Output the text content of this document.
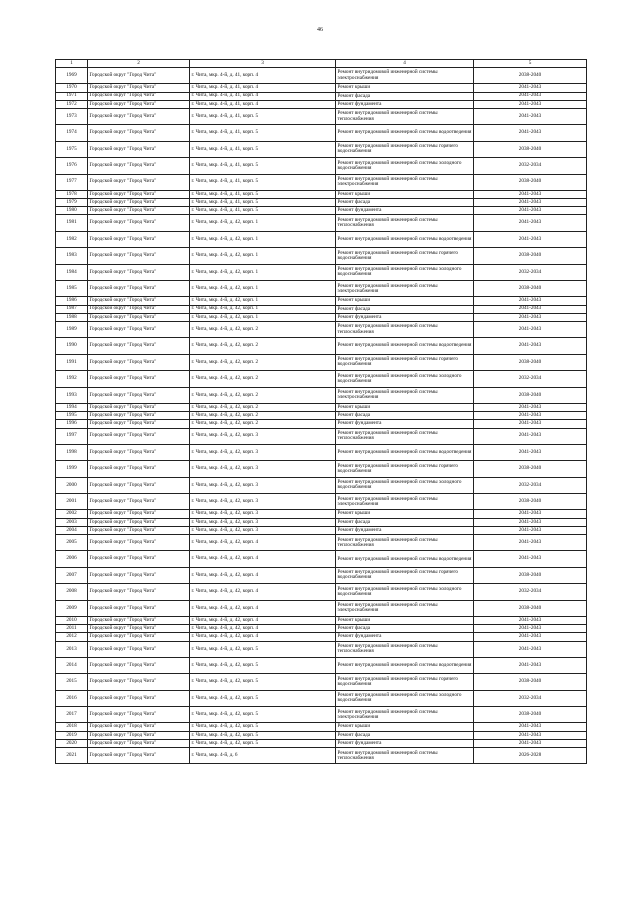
46
1	2	3	4	5
1969	Городской округ "Город Чита"	г. Чита, мкр. 4-й, д. 41, корп. 4	Ремонт внутридомовой инженерной системы электроснабжения	2038-2040
1970	Городской округ "Город Чита"	г. Чита, мкр. 4-й, д. 41, корп. 4	Ремонт крыши	2041-2043
1971	Городской округ "Город Чита"	г. Чита, мкр. 4-й, д. 41, корп. 4	Ремонт фасада	2041-2043
1972	Городской округ "Город Чита"	г. Чита, мкр. 4-й, д. 41, корп. 4	Ремонт фундамента	2041-2043
1973	Городской округ "Город Чита"	г. Чита, мкр. 4-й, д. 41, корп. 5	Ремонт внутридомовой инженерной системы теплоснабжения	2041-2043
1974	Городской округ "Город Чита"	г. Чита, мкр. 4-й, д. 41, корп. 5	Ремонт внутридомовой инженерной системы водоотведения	2041-2043
1975	Городской округ "Город Чита"	г. Чита, мкр. 4-й, д. 41, корп. 5	Ремонт внутридомовой инженерной системы горячего водоснабжения	2038-2040
1976	Городской округ "Город Чита"	г. Чита, мкр. 4-й, д. 41, корп. 5	Ремонт внутридомовой инженерной системы холодного водоснабжения	2032-2034
1977	Городской округ "Город Чита"	г. Чита, мкр. 4-й, д. 41, корп. 5	Ремонт внутридомовой инженерной системы электроснабжения	2038-2040
1978	Городской округ "Город Чита"	г. Чита, мкр. 4-й, д. 41, корп. 5	Ремонт крыши	2041-2043
1979	Городской округ "Город Чита"	г. Чита, мкр. 4-й, д. 41, корп. 5	Ремонт фасада	2041-2043
1980	Городской округ "Город Чита"	г. Чита, мкр. 4-й, д. 41, корп. 5	Ремонт фундамента	2041-2043
1981	Городской округ "Город Чита"	г. Чита, мкр. 4-й, д. 42, корп. 1	Ремонт внутридомовой инженерной системы теплоснабжения	2041-2043
1982	Городской округ "Город Чита"	г. Чита, мкр. 4-й, д. 42, корп. 1	Ремонт внутридомовой инженерной системы водоотведения	2041-2043
1983	Городской округ "Город Чита"	г. Чита, мкр. 4-й, д. 42, корп. 1	Ремонт внутридомовой инженерной системы горячего водоснабжения	2038-2040
1984	Городской округ "Город Чита"	г. Чита, мкр. 4-й, д. 42, корп. 1	Ремонт внутридомовой инженерной системы холодного водоснабжения	2032-2034
1985	Городской округ "Город Чита"	г. Чита, мкр. 4-й, д. 42, корп. 1	Ремонт внутридомовой инженерной системы электроснабжения	2038-2040
1986	Городской округ "Город Чита"	г. Чита, мкр. 4-й, д. 42, корп. 1	Ремонт крыши	2041-2043
1987	Городской округ "Город Чита"	г. Чита, мкр. 4-й, д. 42, корп. 1	Ремонт фасада	2041-2043
1988	Городской округ "Город Чита"	г. Чита, мкр. 4-й, д. 42, корп. 1	Ремонт фундамента	2041-2043
1989	Городской округ "Город Чита"	г. Чита, мкр. 4-й, д. 42, корп. 2	Ремонт внутридомовой инженерной системы теплоснабжения	2041-2043
1990	Городской округ "Город Чита"	г. Чита, мкр. 4-й, д. 42, корп. 2	Ремонт внутридомовой инженерной системы водоотведения	2041-2043
1991	Городской округ "Город Чита"	г. Чита, мкр. 4-й, д. 42, корп. 2	Ремонт внутридомовой инженерной системы горячего водоснабжения	2038-2040
1992	Городской округ "Город Чита"	г. Чита, мкр. 4-й, д. 42, корп. 2	Ремонт внутридомовой инженерной системы холодного водоснабжения	2032-2034
1993	Городской округ "Город Чита"	г. Чита, мкр. 4-й, д. 42, корп. 2	Ремонт внутридомовой инженерной системы электроснабжения	2038-2040
1994	Городской округ "Город Чита"	г. Чита, мкр. 4-й, д. 42, корп. 2	Ремонт крыши	2041-2043
1995	Городской округ "Город Чита"	г. Чита, мкр. 4-й, д. 42, корп. 2	Ремонт фасада	2041-2043
1996	Городской округ "Город Чита"	г. Чита, мкр. 4-й, д. 42, корп. 2	Ремонт фундамента	2041-2043
1997	Городской округ "Город Чита"	г. Чита, мкр. 4-й, д. 42, корп. 3	Ремонт внутридомовой инженерной системы теплоснабжения	2041-2043
1998	Городской округ "Город Чита"	г. Чита, мкр. 4-й, д. 42, корп. 3	Ремонт внутридомовой инженерной системы водоотведения	2041-2043
1999	Городской округ "Город Чита"	г. Чита, мкр. 4-й, д. 42, корп. 3	Ремонт внутридомовой инженерной системы горячего водоснабжения	2038-2040
2000	Городской округ "Город Чита"	г. Чита, мкр. 4-й, д. 42, корп. 3	Ремонт внутридомовой инженерной системы холодного водоснабжения	2032-2034
2001	Городской округ "Город Чита"	г. Чита, мкр. 4-й, д. 42, корп. 3	Ремонт внутридомовой инженерной системы электроснабжения	2038-2040
2002	Городской округ "Город Чита"	г. Чита, мкр. 4-й, д. 42, корп. 3	Ремонт крыши	2041-2043
2003	Городской округ "Город Чита"	г. Чита, мкр. 4-й, д. 42, корп. 3	Ремонт фасада	2041-2043
2004	Городской округ "Город Чита"	г. Чита, мкр. 4-й, д. 42, корп. 3	Ремонт фундамента	2041-2043
2005	Городской округ "Город Чита"	г. Чита, мкр. 4-й, д. 42, корп. 4	Ремонт внутридомовой инженерной системы теплоснабжения	2041-2043
2006	Городской округ "Город Чита"	г. Чита, мкр. 4-й, д. 42, корп. 4	Ремонт внутридомовой инженерной системы водоотведения	2041-2043
2007	Городской округ "Город Чита"	г. Чита, мкр. 4-й, д. 42, корп. 4	Ремонт внутридомовой инженерной системы горячего водоснабжения	2038-2040
2008	Городской округ "Город Чита"	г. Чита, мкр. 4-й, д. 42, корп. 4	Ремонт внутридомовой инженерной системы холодного водоснабжения	2032-2034
2009	Городской округ "Город Чита"	г. Чита, мкр. 4-й, д. 42, корп. 4	Ремонт внутридомовой инженерной системы электроснабжения	2038-2040
2010	Городской округ "Город Чита"	г. Чита, мкр. 4-й, д. 42, корп. 4	Ремонт крыши	2041-2043
2011	Городской округ "Город Чита"	г. Чита, мкр. 4-й, д. 42, корп. 4	Ремонт фасада	2041-2043
2012	Городской округ "Город Чита"	г. Чита, мкр. 4-й, д. 42, корп. 4	Ремонт фундамента	2041-2043
2013	Городской округ "Город Чита"	г. Чита, мкр. 4-й, д. 42, корп. 5	Ремонт внутридомовой инженерной системы теплоснабжения	2041-2043
2014	Городской округ "Город Чита"	г. Чита, мкр. 4-й, д. 42, корп. 5	Ремонт внутридомовой инженерной системы водоотведения	2041-2043
2015	Городской округ "Город Чита"	г. Чита, мкр. 4-й, д. 42, корп. 5	Ремонт внутридомовой инженерной системы горячего водоснабжения	2038-2040
2016	Городской округ "Город Чита"	г. Чита, мкр. 4-й, д. 42, корп. 5	Ремонт внутридомовой инженерной системы холодного водоснабжения	2032-2034
2017	Городской округ "Город Чита"	г. Чита, мкр. 4-й, д. 42, корп. 5	Ремонт внутридомовой инженерной системы электроснабжения	2038-2040
2018	Городской округ "Город Чита"	г. Чита, мкр. 4-й, д. 42, корп. 5	Ремонт крыши	2041-2043
2019	Городской округ "Город Чита"	г. Чита, мкр. 4-й, д. 42, корп. 5	Ремонт фасада	2041-2043
2020	Городской округ "Город Чита"	г. Чита, мкр. 4-й, д. 42, корп. 5	Ремонт фундамента	2041-2043
2021	Городской округ "Город Чита"	г. Чита, мкр. 4-й, д. 6	Ремонт внутридомовой инженерной системы теплоснабжения	2026-2028
